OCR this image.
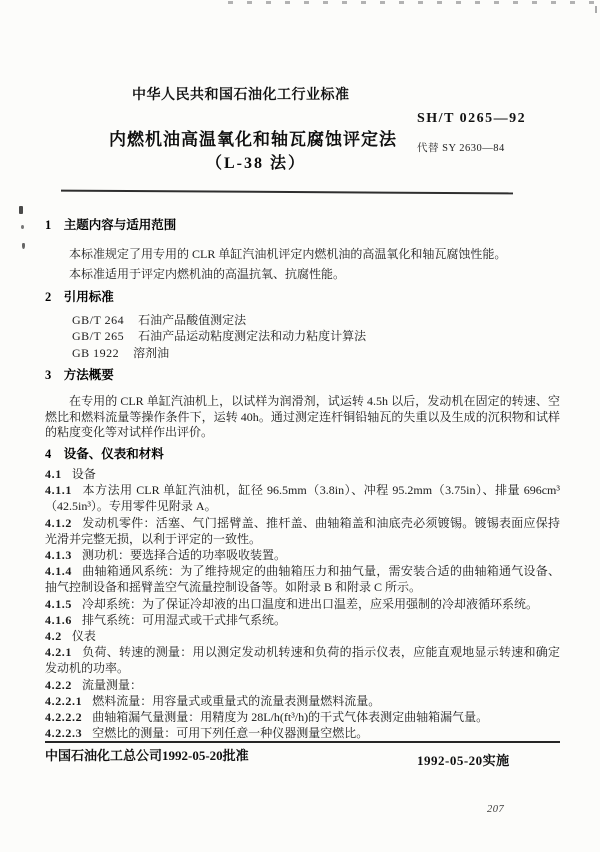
中华人民共和国石油化工行业标准
内燃机油高温氧化和轴瓦腐蚀评定法
（L-38 法）
SH/T 0265—92
代替 SY 2630—84
1 主题内容与适用范围
本标准规定了用专用的 CLR 单缸汽油机评定内燃机油的高温氧化和轴瓦腐蚀性能。
本标准适用于评定内燃机油的高温抗氧、抗腐性能。
2 引用标准
GB/T 264 石油产品酸值测定法
GB/T 265 石油产品运动粘度测定法和动力粘度计算法
GB 1922 溶剂油
3 方法概要
在专用的 CLR 单缸汽油机上，以试样为润滑剂，试运转 4.5h 以后，发动机在固定的转速、空燃比和燃料流量等操作条件下，运转 40h。通过测定连杆铜铅轴瓦的失重以及生成的沉积物和试样的粘度变化等对试样作出评价。
4 设备、仪表和材料
4.1 设备
4.1.1 本方法用 CLR 单缸汽油机，缸径 96.5mm（3.8in）、冲程 95.2mm（3.75in）、排量 696cm³（42.5in³）。专用零件见附录 A。
4.1.2 发动机零件：活塞、气门摇臂盖、推杆盖、曲轴箱盖和油底壳必须镀锡。镀锡表面应保持光滑并完整无损，以利于评定的一致性。
4.1.3 测功机：要选择合适的功率吸收装置。
4.1.4 曲轴箱通风系统：为了维持规定的曲轴箱压力和抽气量，需安装合适的曲轴箱通气设备、抽气控制设备和摇臂盖空气流量控制设备等。如附录 B 和附录 C 所示。
4.1.5 冷却系统：为了保证冷却液的出口温度和进出口温差，应采用强制的冷却液循环系统。
4.1.6 排气系统：可用湿式或干式排气系统。
4.2 仪表
4.2.1 负荷、转速的测量：用以测定发动机转速和负荷的指示仪表，应能直观地显示转速和确定发动机的功率。
4.2.2 流量测量：
4.2.2.1 燃料流量：用容量式或重量式的流量表测量燃料流量。
4.2.2.2 曲轴箱漏气量测量：用精度为 28L/h(ft³/h)的干式气体表测定曲轴箱漏气量。
4.2.2.3 空燃比的测量：可用下列任意一种仪器测量空燃比。
中国石油化工总公司1992-05-20批准	1992-05-20实施
207
